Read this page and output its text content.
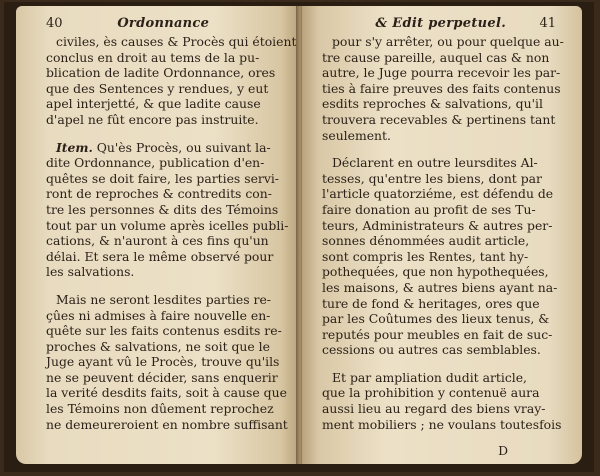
40	Ordonnance

civiles, ès causes & Procès qui étoient
conclus en droit au tems de la pu-
blication de ladite Ordonnance, ores
que des Sentences y rendues, y eut
apel interjetté, & que ladite cause
d'apel ne fût encore pas instruite.

Item. Qu'ès Procès, ou suivant la-
dite Ordonnance, publication d'en-
quêtes se doit faire, les parties servi-
ront de reproches & contredits con-
tre les personnes & dits des Témoins
tout par un volume après icelles publi-
cations, & n'auront à ces fins qu'un
délai. Et sera le même observé pour
les salvations.

Mais ne seront lesdites parties re-
çûes ni admises à faire nouvelle en-
quête sur les faits contenus esdits re-
proches & salvations, ne soit que le
Juge ayant vû le Procès, trouve qu'ils
ne se peuvent décider, sans enquerir
la verité desdits faits, soit à cause que
les Témoins non dûement reprochez
ne demeureroient en nombre suffisant

& Edit perpetuel.	41

pour s'y arrêter, ou pour quelque au-
tre cause pareille, auquel cas & non
autre, le Juge pourra recevoir les par-
ties à faire preuves des faits contenus
esdits reproches & salvations, qu'il
trouvera recevables & pertinens tant
seulement.

Déclarent en outre leursdites Al-
tesses, qu'entre les biens, dont par
l'article quatorziéme, est défendu de
faire donation au profit de ses Tu-
teurs, Administrateurs & autres per-
sonnes dénommées audit article,
sont compris les Rentes, tant hy-
pothequées, que non hypothequées,
les maisons, & autres biens ayant na-
ture de fond & heritages, ores que
par les Coûtumes des lieux tenus, &
reputés pour meubles en fait de suc-
cessions ou autres cas semblables.

Et par ampliation dudit article,
que la prohibition y contenuë aura
aussi lieu au regard des biens vray-
ment mobiliers ; ne voulans toutesfois

D
